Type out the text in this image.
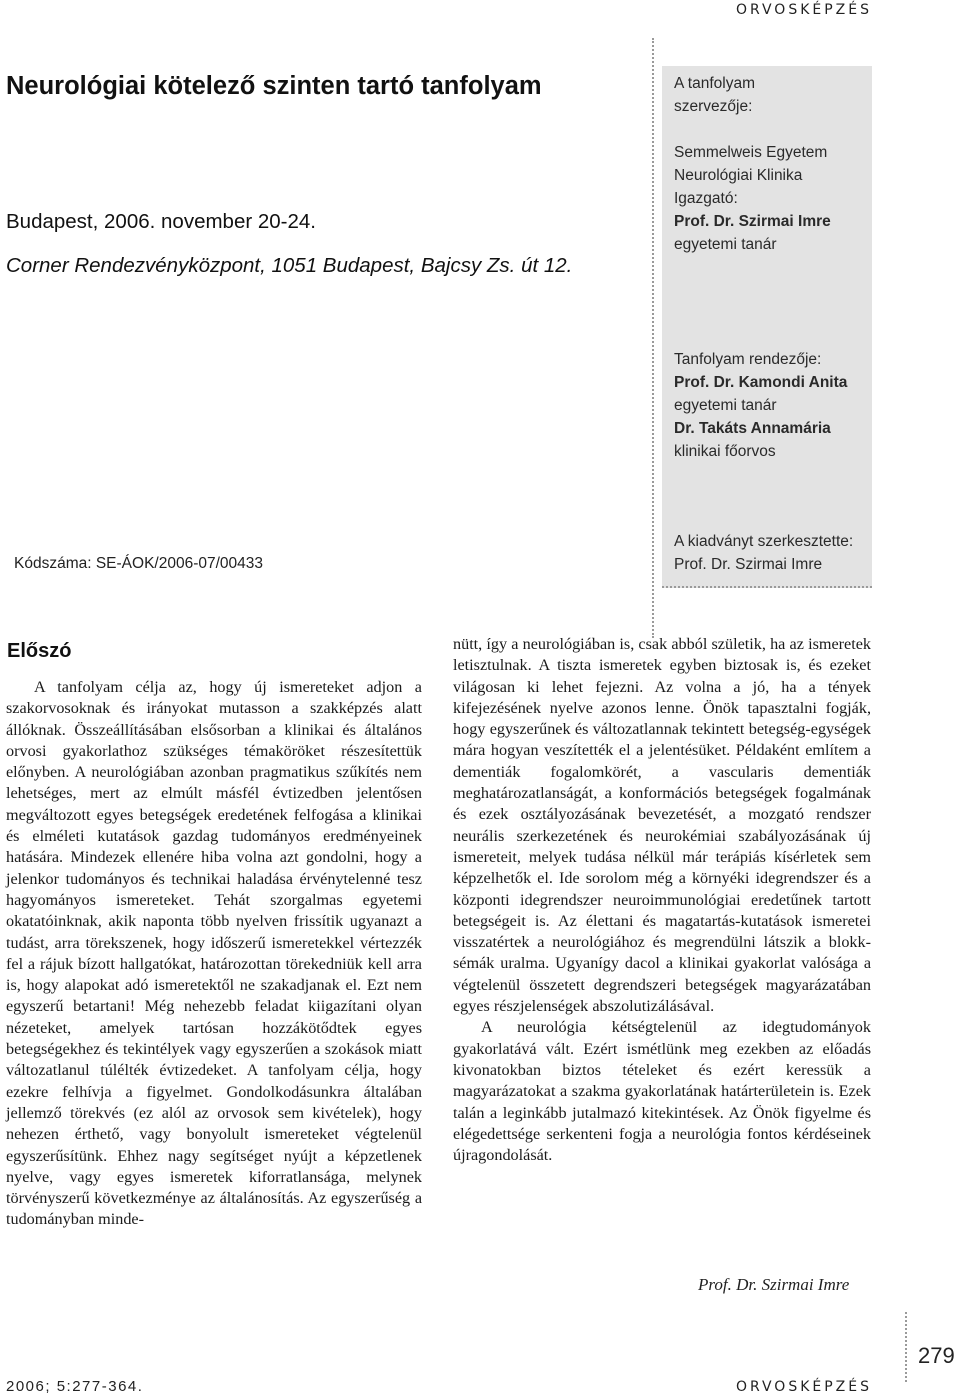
ORVOSKÉPZÉS
Neurológiai kötelező szinten tartó tanfolyam
Budapest, 2006. november 20-24.
Corner Rendezvényközpont, 1051 Budapest, Bajcsy Zs. út 12.
Kódszáma: SE-ÁOK/2006-07/00433
A tanfolyam
szervezője:
Semmelweis Egyetem
Neurológiai Klinika
Igazgató:
Prof. Dr. Szirmai Imre
egyetemi tanár
Tanfolyam rendezője:
Prof. Dr. Kamondi Anita
egyetemi tanár
Dr. Takáts Annamária
klinikai főorvos
A kiadványt szerkesztette:
Prof. Dr. Szirmai Imre
Előszó

A tanfolyam célja az, hogy új ismereteket adjon a szakorvosoknak és irányokat mutasson a szakképzés alatt állóknak. Összeállításában elsősorban a klinikai és általános orvosi gyakorlathoz szükséges témaköröket részesítettük előnyben. A neurológiában azonban pragmatikus szűkítés nem lehetséges, mert az elmúlt másfél évtizedben jelentősen megváltozott egyes betegségek eredetének felfogása a klinikai és elméleti kutatások gazdag tudományos eredményeinek hatására. Mindezek ellenére hiba volna azt gondolni, hogy a jelenkor tudományos és technikai haladása érvénytelenné tesz hagyományos ismereteket. Tehát szorgalmas egyetemi okatatóinknak, akik naponta több nyelven frissítik ugyanazt a tudást, arra törekszenek, hogy időszerű ismeretekkel vértezzék fel a rájuk bízott hallgatókat, határozottan törekedniük kell arra is, hogy alapokat adó ismeretektől ne szakadjanak el. Ezt nem egyszerű betartani! Még nehezebb feladat kiigazítani olyan nézeteket, amelyek tartósan hozzákötődtek egyes betegségekhez és tekintélyek vagy egyszerűen a szokások miatt változatlanul túlélték évtizedeket. A tanfolyam célja, hogy ezekre felhívja a figyelmet. Gondolkodásunkra általában jellemző törekvés (ez alól az orvosok sem kivételek), hogy nehezen érthető, vagy bonyolult ismereteket végtelenül egyszerűsítünk. Ehhez nagy segítséget nyújt a képzetlenek nyelve, vagy egyes ismeretek kiforratlansága, melynek törvényszerű következménye az általánosítás. Az egyszerűség a tudományban minde-

nütt, így a neurológiában is, csak abból születik, ha az ismeretek letisztulnak. A tiszta ismeretek egyben biztosak is, és ezeket világosan ki lehet fejezni. Az volna a jó, ha a tények kifejezésének nyelve azonos lenne. Önök tapasztalni fogják, hogy egyszerűnek és változatlannak tekintett betegség-egységek mára hogyan veszítették el a jelentésüket. Példaként említem a dementiák fogalomkörét, a vascularis dementiák meghatározatlanságát, a konformációs betegségek fogalmának és ezek osztályozásának bevezetését, a mozgató rendszer neurális szerkezetének és neurokémiai szabályozásának új ismereteit, melyek tudása nélkül már terápiás kísérletek sem képzelhetők el. Ide sorolom még a környéki idegrendszer és a központi idegrendszer neuroimmunológiai eredetűnek tartott betegségeit is. Az élettani és magatartás-kutatások ismeretei visszatértek a neurológiához és megrendülni látszik a blokk-sémák uralma. Ugyanígy dacol a klinikai gyakorlat valósága a végtelenül összetett degrendszeri betegségek magyarázatában egyes részjelenségek abszolutizálásával.

A neurológia kétségtelenül az idegtudományok gyakorlatává vált. Ezért ismétlünk meg ezekben az előadás kivonatokban biztos tételeket és ezért keressük a magyarázatokat a szakma gyakorlatának határterületein is. Ezek talán a leginkább jutalmazó kitekintések. Az Önök figyelme és elégedettsége serkenteni fogja a neurológia fontos kérdéseinek újragondolását.

Prof. Dr. Szirmai Imre
279
2006; 5:277-364.	ORVOSKÉPZÉS
